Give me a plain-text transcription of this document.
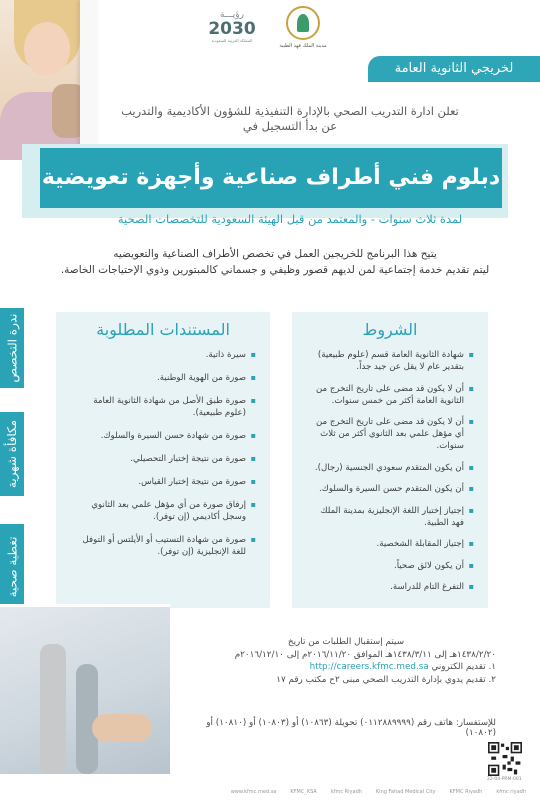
رؤيـــة
2030
المملكة العربية السعودية
مدينة الملك فهد الطبية
لخريجي الثانوية العامة
تعلن ادارة التدريب الصحي بالإدارة التنفيذية للشؤون الأكاديمية والتدريب
عن بدأ التسجيل في
دبلوم فني أطراف صناعية وأجهزة تعويضية
لمدة ثلاث سنوات - والمعتمد من قبل الهيئة السعودية للتخصصات الصحية
يتيح هذا البرنامج للخريجين العمل في تخصص الأطراف الصناعية والتعويضيه
ليتم تقديم خدمة إجتماعية لمن لديهم قصور وظيفي و جسماني كالمبتورين وذوي الإحتياجات الخاصة.
ندرة التخصص
مكافأة شهرية
تغطية صحية
المستندات المطلوبة
سيرة ذاتية. ▪
صورة من الهوية الوطنية. ▪
صورة طبق الأصل من شهادة الثانوية العامة (علوم طبيعية). ▪
صورة من شهادة حسن السيرة والسلوك. ▪
صورة من نتيجة إختبار التحصيلي. ▪
صورة من نتيجة إختبار القياس. ▪
إرفاق صورة من أي مؤهل علمي بعد الثانوي وسجل أكاديمي (إن توفر). ▪
صورة من شهادة التستيب أو الأيلتس أو التوفل للغة الإنجليزية (إن توفر). ▪
الشروط
شهادة الثانوية العامة قسم (علوم طبيعية) بتقدير عام لا يقل عن جيد جداً. ▪
أن لا يكون قد مضى على تاريخ التخرج من الثانوية العامة أكثر من خمس سنوات. ▪
أن لا يكون قد مضى على تاريخ التخرج من أي مؤهل علمي بعد الثانوي أكثر من ثلاث سنوات. ▪
أن يكون المتقدم سعودي الجنسية (رجال). ▪
أن يكون المتقدم حسن السيرة والسلوك. ▪
إجتياز إختبار اللغة الإنجليزية بمدينة الملك فهد الطبية. ▪
إجتياز المقابلة الشخصية. ▪
أن يكون لائق صحياً. ▪
التفرغ التام للدراسة. ▪
سيتم إستقبال الطلبات من تاريخ
١٤٣٨/٢/٢٠هـ إلى ١٤٣٨/٣/١١هـ الموافق ٢٠١٦/١١/٢٠م إلى ٢٠١٦/١٢/١٠م
١. تقديم الكتروني http://careers.kfmc.med.sa
٢. تقديم يدوي بإدارة التدريب الصحي مبنى ٢ح مكتب رقم ١٧
للإستفسار: هاتف رقم (٠١١٢٨٨٩٩٩٩) تحويلة (١٠٨٦٣) أو (١٠٨٠٣) أو (١٠٨١٠) أو (١٠٨٠٢)
22-04-PRM-001
www.kfmc.med.sa	KFMC_KSA	kfmc Riyadh	King Fahad Medical City	KFMC Riyadh	kfmc riyadh
